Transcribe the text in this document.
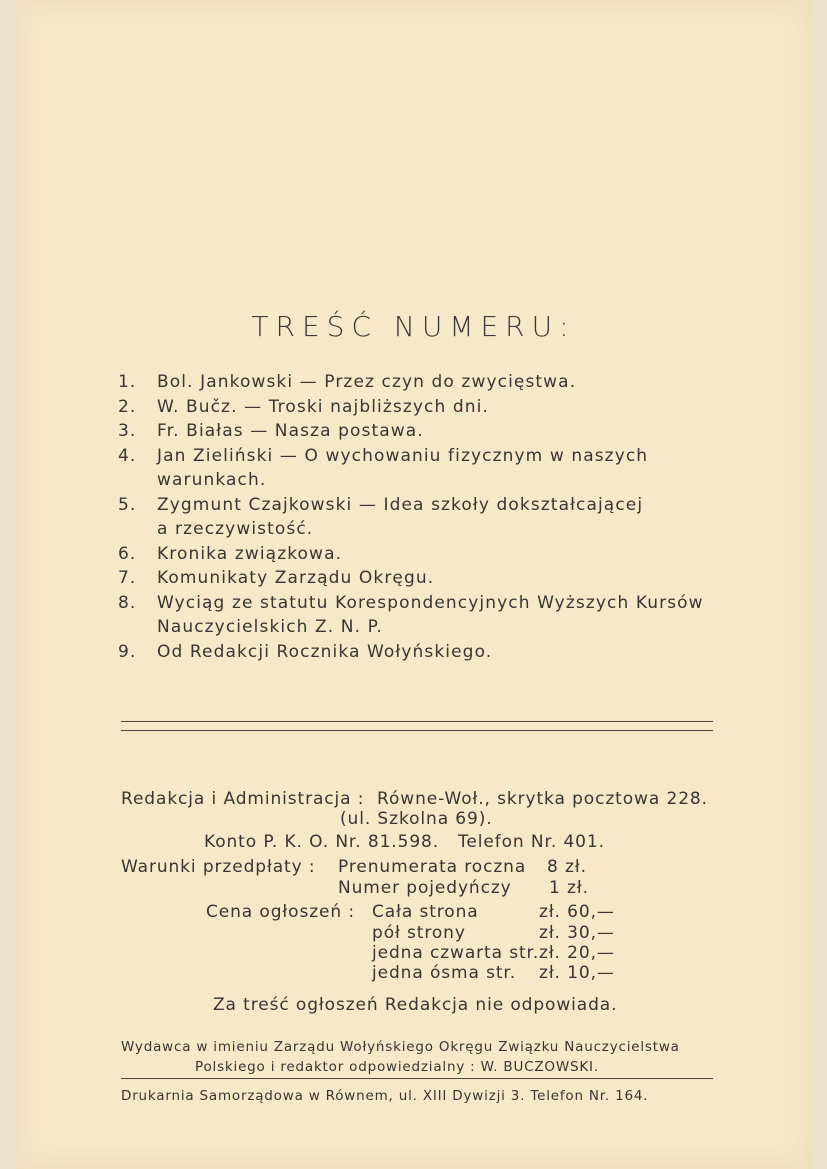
TREŚĆ NUMERU:
1.	Bol. Jankowski — Przez czyn do zwycięstwa.
2.	W. Bučz. — Troski najbliższych dni.
3.	Fr. Białas — Nasza postawa.
4.	Jan Zieliński — O wychowaniu fizycznym w naszych
warunkach.
5.	Zygmunt Czajkowski — Idea szkoły dokształcającej
a rzeczywistość.
6.	Kronika związkowa.
7.	Komunikaty Zarządu Okręgu.
8.	Wyciąg ze statutu Korespondencyjnych Wyższych Kursów
Nauczycielskich Z. N. P.
9.	Od Redakcji Rocznika Wołyńskiego.
Redakcja i Administracja : Równe-Woł., skrytka pocztowa 228.
(ul. Szkolna 69).
Konto P. K. O. Nr. 81.598. Telefon Nr. 401.
Warunki przedpłaty : Prenumerata roczna 8 zł.
Numer pojedyńczy 1 zł.
Cena ogłoszeń : Cała strona	zł. 60,—
pół strony	zł. 30,—
jedna czwarta str. zł. 20,—
jedna ósma str. zł. 10,—
Za treść ogłoszeń Redakcja nie odpowiada.
Wydawca w imieniu Zarządu Wołyńskiego Okręgu Związku Nauczycielstwa
Polskiego i redaktor odpowiedzialny : W. BUCZOWSKI.
Drukarnia Samorządowa w Równem, ul. XIII Dywizji 3. Telefon Nr. 164.
